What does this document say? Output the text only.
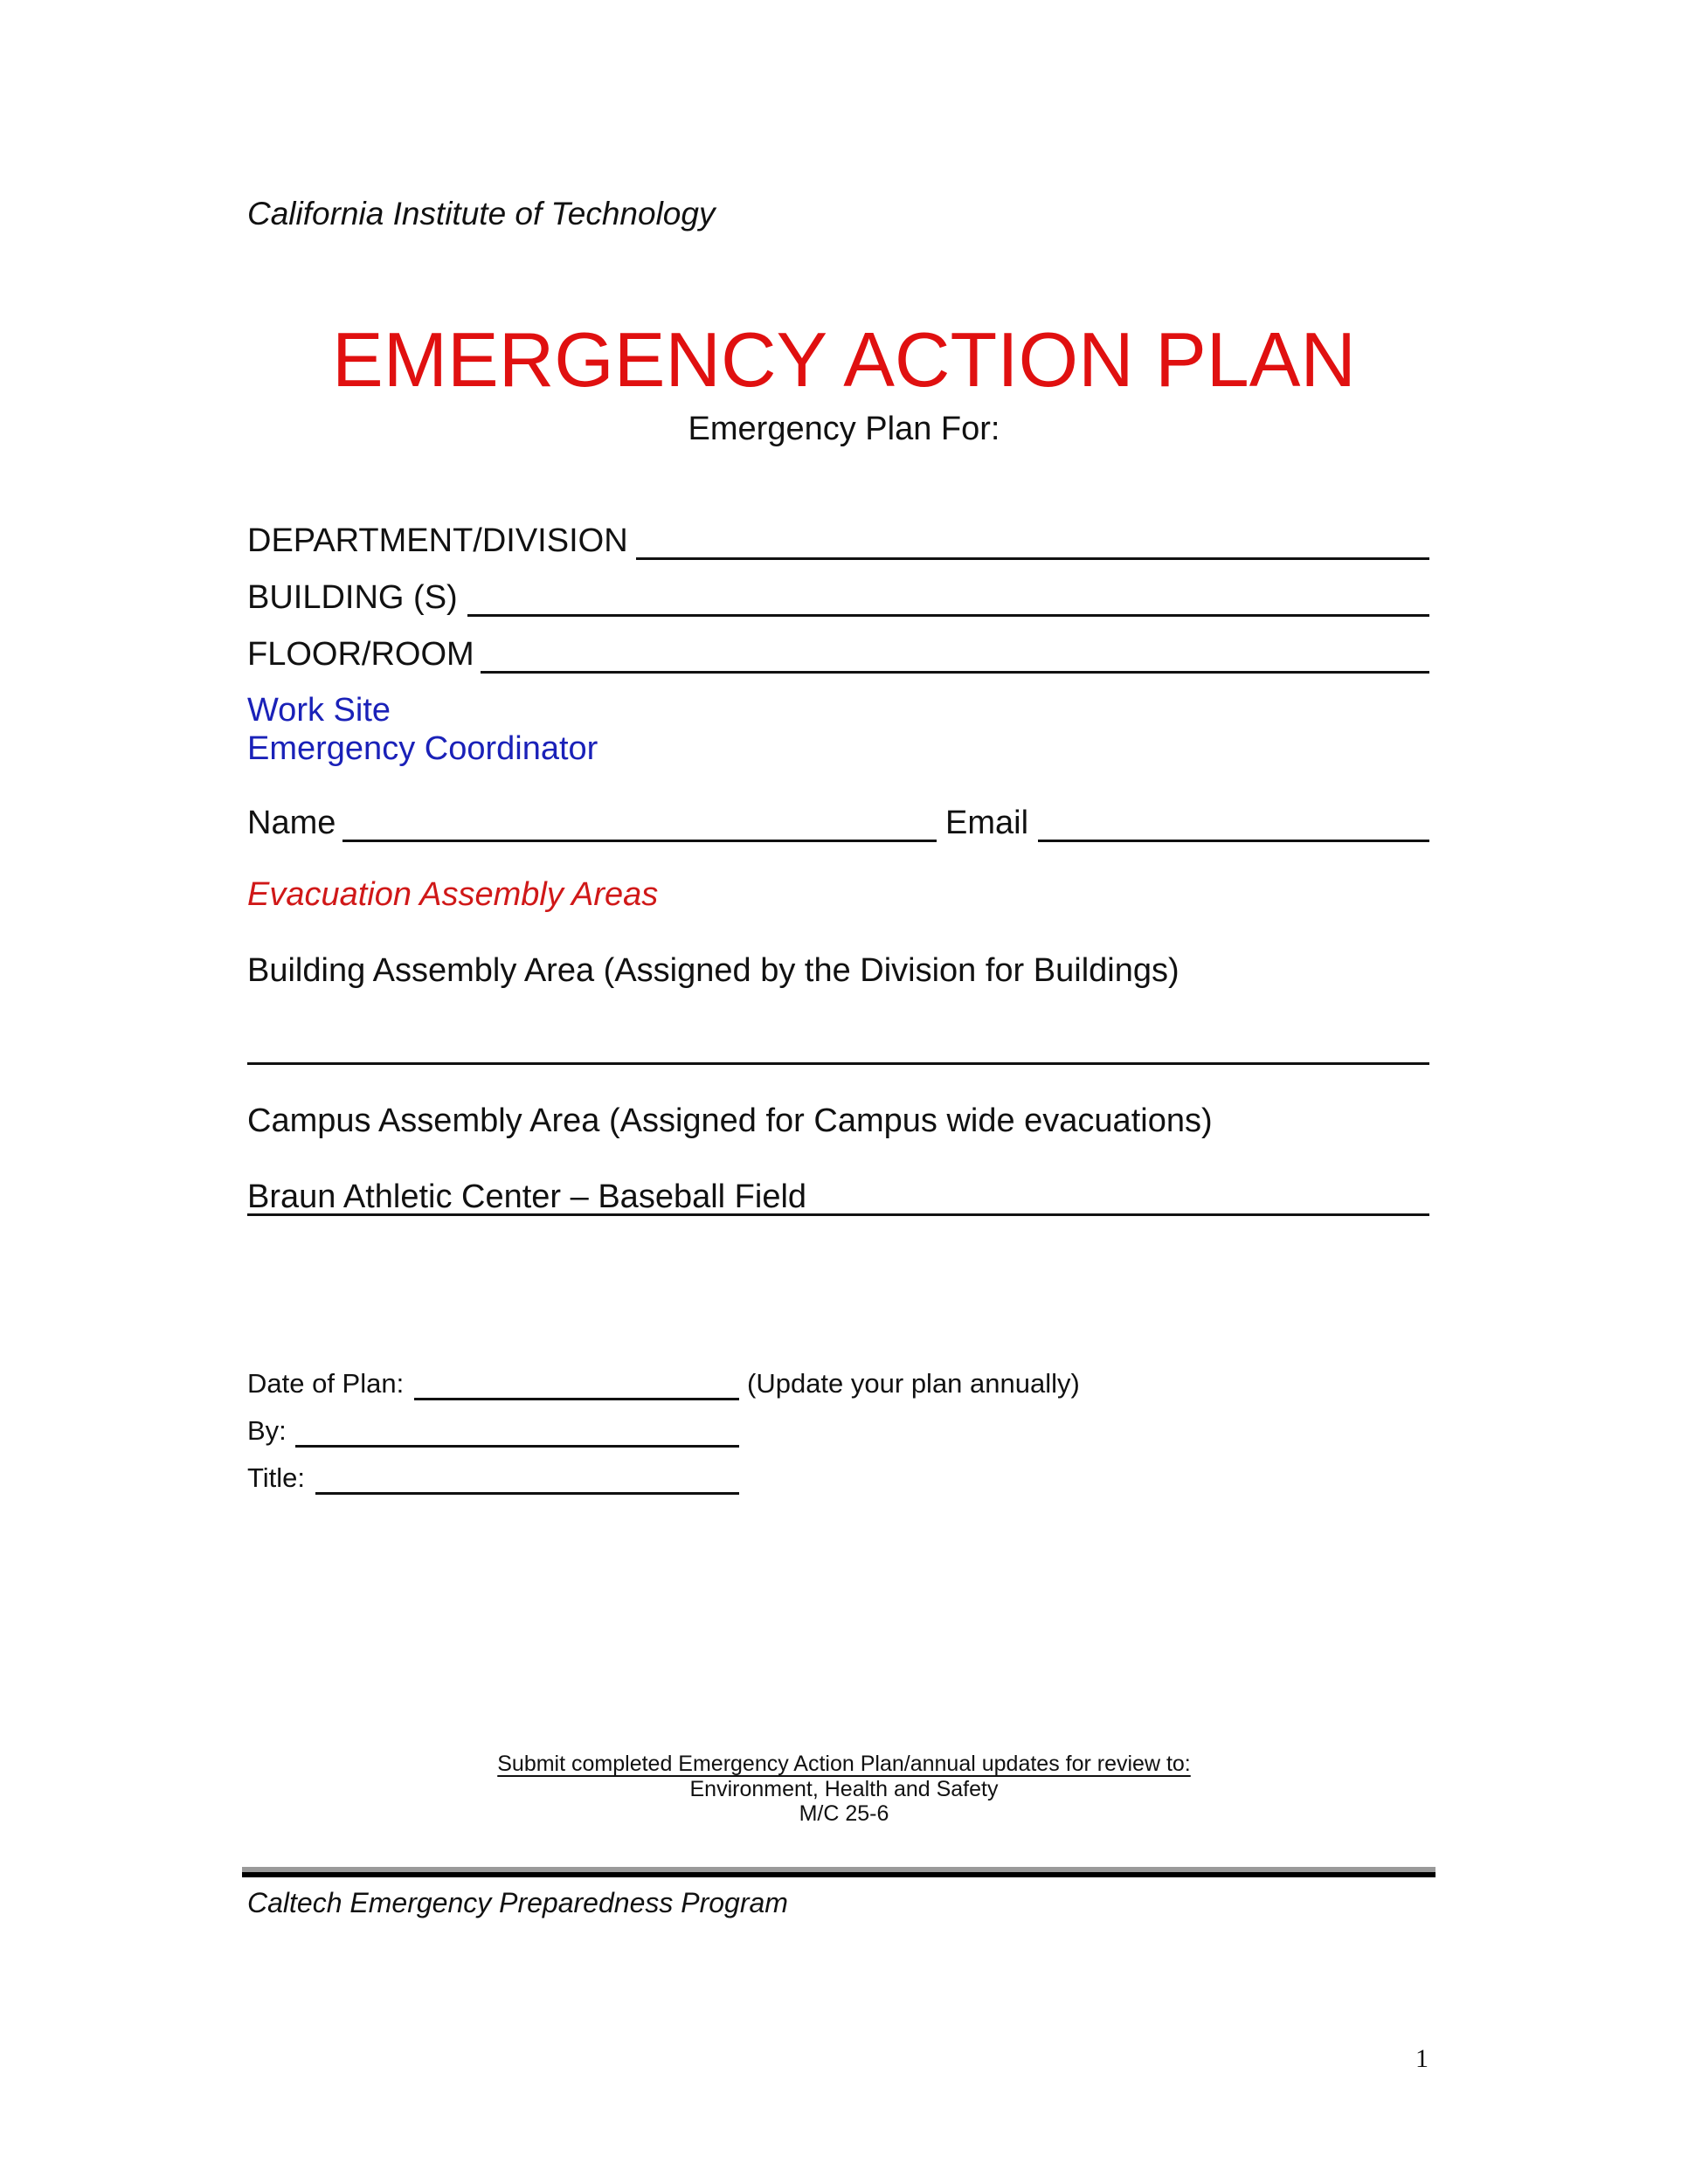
California Institute of Technology
EMERGENCY ACTION PLAN
Emergency Plan For:
DEPARTMENT/DIVISION
BUILDING (S)
FLOOR/ROOM
Work Site
Emergency Coordinator
Name	Email
Evacuation Assembly Areas
Building Assembly Area (Assigned by the Division for Buildings)
Campus Assembly Area (Assigned for Campus wide evacuations)
Braun Athletic Center – Baseball Field
Date of Plan:	(Update your plan annually)
By:
Title:
Submit completed Emergency Action Plan/annual updates for review to:
Environment, Health and Safety
M/C 25-6
Caltech Emergency Preparedness Program
1
